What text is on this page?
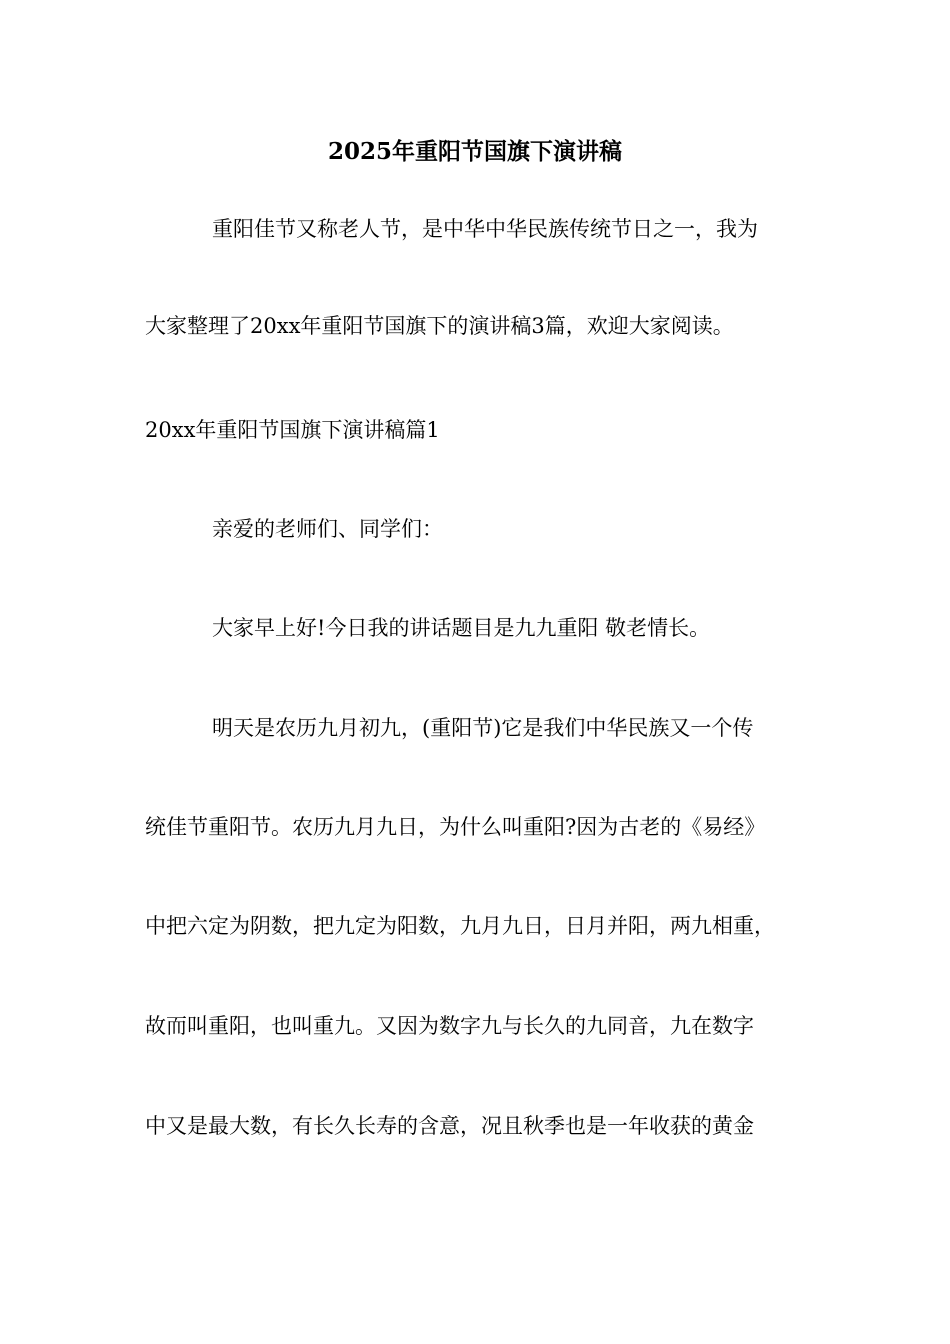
2025年重阳节国旗下演讲稿
重阳佳节又称老人节，是中华中华民族传统节日之一，我为
大家整理了20xx年重阳节国旗下的演讲稿3篇，欢迎大家阅读。
20xx年重阳节国旗下演讲稿篇1
亲爱的老师们、同学们：
大家早上好!今日我的讲话题目是九九重阳 敬老情长。
明天是农历九月初九，(重阳节)它是我们中华民族又一个传
统佳节重阳节。农历九月九日，为什么叫重阳?因为古老的《易经》
中把六定为阴数，把九定为阳数，九月九日，日月并阳，两九相重，
故而叫重阳，也叫重九。又因为数字九与长久的九同音，九在数字
中又是最大数，有长久长寿的含意，况且秋季也是一年收获的黄金
